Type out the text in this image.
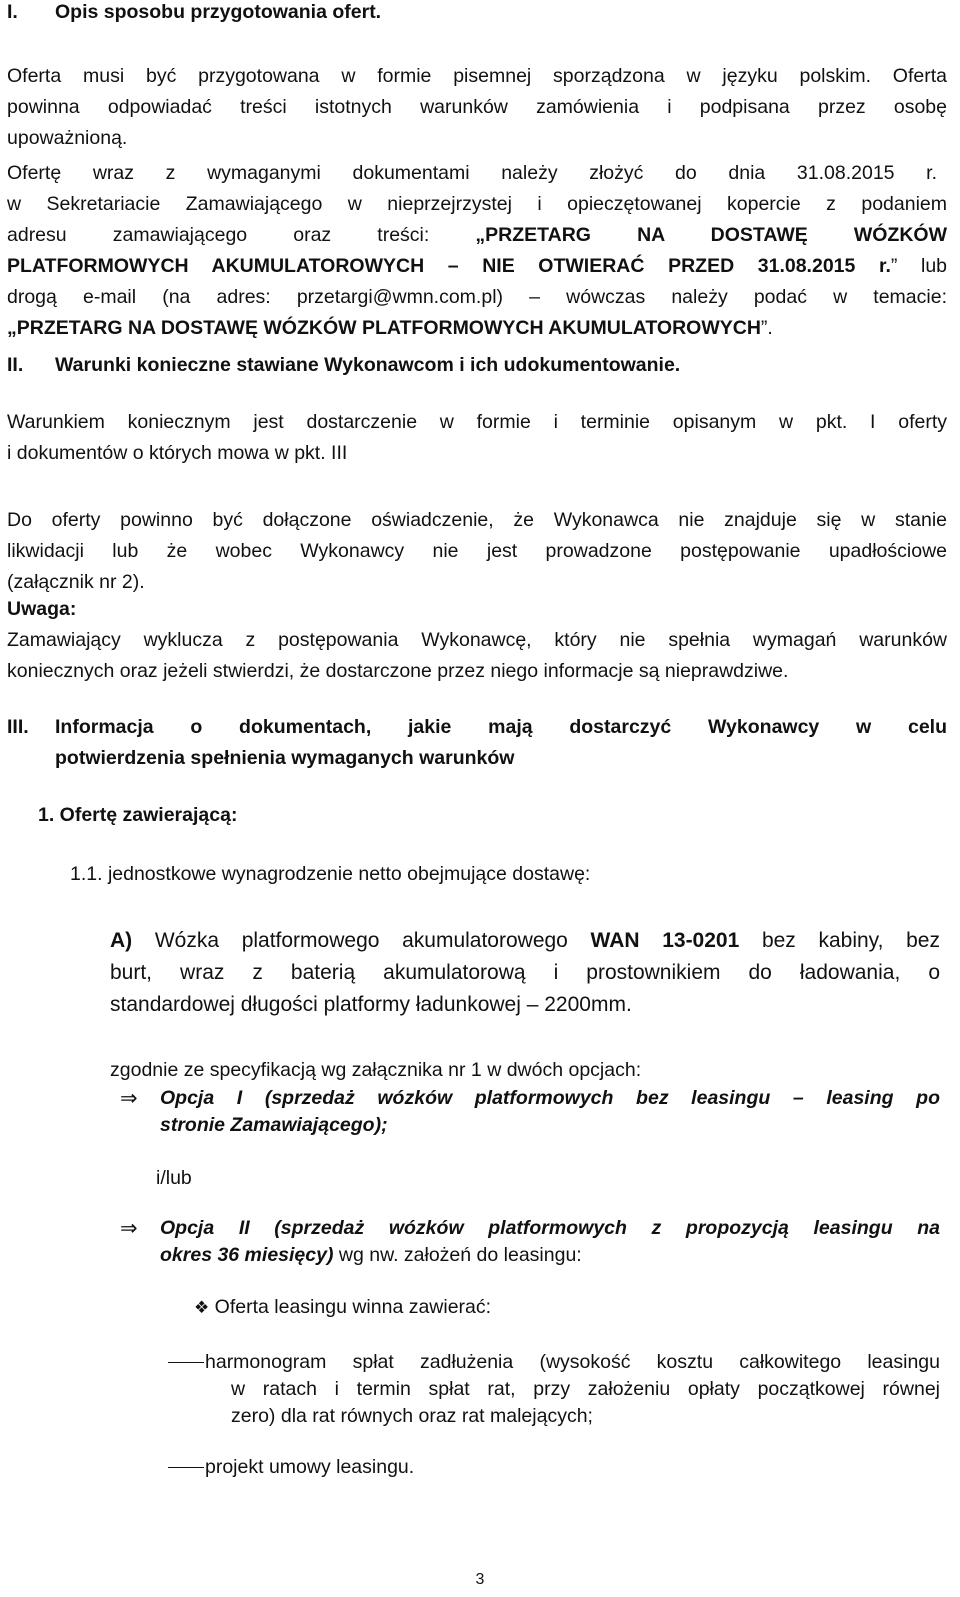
I. Opis sposobu przygotowania ofert.

Oferta musi być przygotowana w formie pisemnej sporządzona w języku polskim. Oferta

powinna odpowiadać treści istotnych warunków zamówienia i podpisana przez osobę

upoważnioną.

Ofertę wraz z wymaganymi dokumentami należy złożyć do dnia 31.08.2015 r.

w Sekretariacie Zamawiającego w nieprzejrzystej i opieczętowanej kopercie z podaniem

adresu zamawiającego oraz treści: „PRZETARG NA DOSTAWĘ WÓZKÓW

PLATFORMOWYCH AKUMULATOROWYCH – NIE OTWIERAĆ PRZED 31.08.2015 r.” lub

drogą e-mail (na adres: przetargi@wmn.com.pl) – wówczas należy podać w temacie:

„PRZETARG NA DOSTAWĘ WÓZKÓW PLATFORMOWYCH AKUMULATOROWYCH”.

II. Warunki konieczne stawiane Wykonawcom i ich udokumentowanie.

Warunkiem koniecznym jest dostarczenie w formie i terminie opisanym w pkt. I oferty

i dokumentów o których mowa w pkt. III

Do oferty powinno być dołączone oświadczenie, że Wykonawca nie znajduje się w stanie

likwidacji lub że wobec Wykonawcy nie jest prowadzone postępowanie upadłościowe

(załącznik nr 2).

Uwaga:

Zamawiający wyklucza z postępowania Wykonawcę, który nie spełnia wymagań warunków

koniecznych oraz jeżeli stwierdzi, że dostarczone przez niego informacje są nieprawdziwe.

III.	Informacja o dokumentach, jakie mają dostarczyć Wykonawcy w celu

potwierdzenia spełnienia wymaganych warunków

1. Ofertę zawierającą:

1.1. jednostkowe wynagrodzenie netto obejmujące dostawę:

A) Wózka platformowego akumulatorowego WAN 13-0201 bez kabiny, bez

burt, wraz z baterią akumulatorową i prostownikiem do ładowania, o

standardowej długości platformy ładunkowej – 2200mm.

zgodnie ze specyfikacją wg załącznika nr 1 w dwóch opcjach:

⇒ Opcja I (sprzedaż wózków platformowych bez leasingu – leasing po

stronie Zamawiającego);

i/lub

⇒ Opcja II (sprzedaż wózków platformowych z propozycją leasingu na

okres 36 miesięcy) wg nw. założeń do leasingu:

❖ Oferta leasingu winna zawierać:

harmonogram spłat zadłużenia (wysokość kosztu całkowitego leasingu

w ratach i termin spłat rat, przy założeniu opłaty początkowej równej

zero) dla rat równych oraz rat malejących;

projekt umowy leasingu.

3
